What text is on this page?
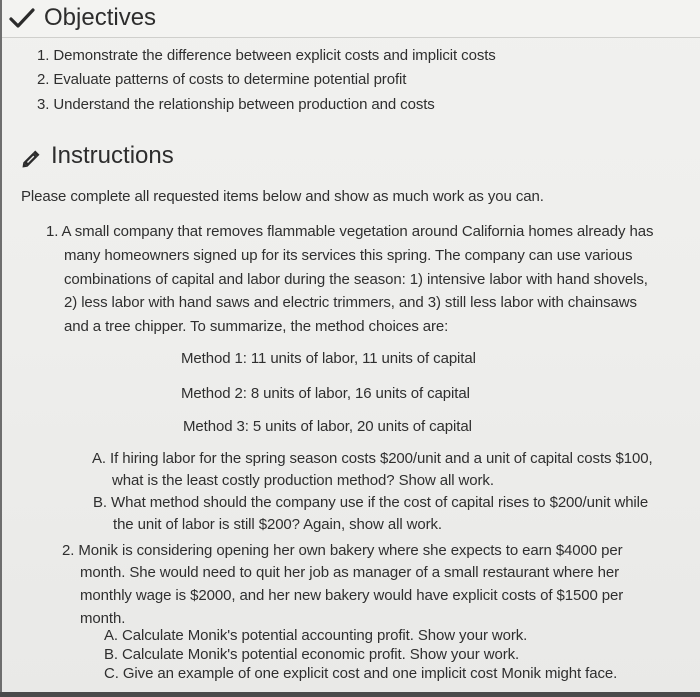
Objectives
1. Demonstrate the difference between explicit costs and implicit costs
2. Evaluate patterns of costs to determine potential profit
3. Understand the relationship between production and costs
Instructions
Please complete all requested items below and show as much work as you can.
1. A small company that removes flammable vegetation around California homes already has
many homeowners signed up for its services this spring. The company can use various
combinations of capital and labor during the season: 1) intensive labor with hand shovels,
2) less labor with hand saws and electric trimmers, and 3) still less labor with chainsaws
and a tree chipper. To summarize, the method choices are:
Method 1: 11 units of labor, 11 units of capital
Method 2: 8 units of labor, 16 units of capital
Method 3: 5 units of labor, 20 units of capital
A. If hiring labor for the spring season costs $200/unit and a unit of capital costs $100,
what is the least costly production method? Show all work.
B. What method should the company use if the cost of capital rises to $200/unit while
the unit of labor is still $200? Again, show all work.
2. Monik is considering opening her own bakery where she expects to earn $4000 per
month. She would need to quit her job as manager of a small restaurant where her
monthly wage is $2000, and her new bakery would have explicit costs of $1500 per
month.
A. Calculate Monik's potential accounting profit. Show your work.
B. Calculate Monik's potential economic profit. Show your work.
C. Give an example of one explicit cost and one implicit cost Monik might face.
